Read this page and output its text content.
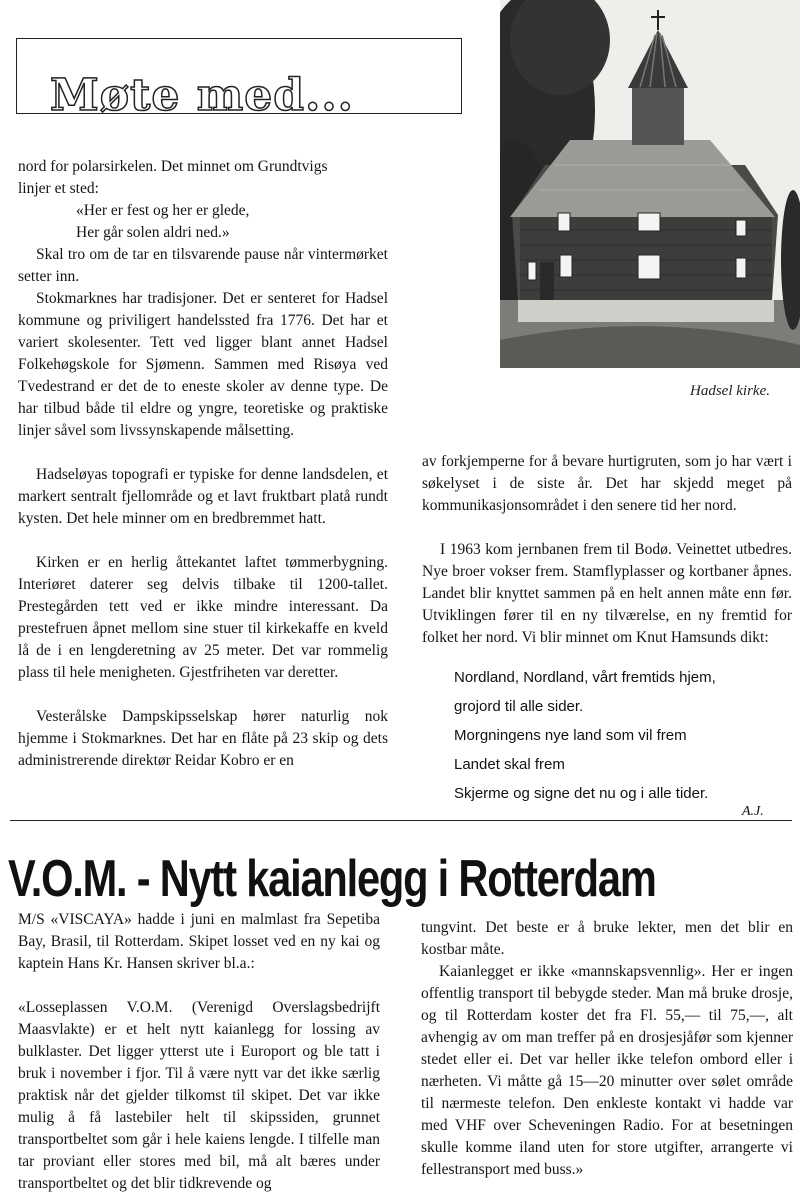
Møte med...
Hadsel kirke.

nord for polarsirkelen. Det minnet om Grundtvigs

linjer et sted:

«Her er fest og her er glede,

Her går solen aldri ned.»

Skal tro om de tar en tilsvarende pause når vintermørket setter inn.

Stokmarknes har tradisjoner. Det er senteret for Hadsel kommune og priviligert handelssted fra 1776. Det har et variert skolesenter. Tett ved ligger blant annet Hadsel Folkehøgskole for Sjømenn. Sammen med Risøya ved Tvedestrand er det de to eneste skoler av denne type. De har tilbud både til eldre og yngre, teoretiske og praktiske linjer såvel som livssynskapende målsetting.

Hadseløyas topografi er typiske for denne landsdelen, et markert sentralt fjellområde og et lavt fruktbart platå rundt kysten. Det hele minner om en bredbremmet hatt.

Kirken er en herlig åttekantet laftet tømmerbygning. Interiøret daterer seg delvis tilbake til 1200-tallet. Prestegården tett ved er ikke mindre interessant. Da prestefruen åpnet mellom sine stuer til kirkekaffe en kveld lå de i en lengderetning av 25 meter. Det var rommelig plass til hele menigheten. Gjestfriheten var deretter.

Vesterålske Dampskipsselskap hører naturlig nok hjemme i Stokmarknes. Det har en flåte på 23 skip og dets administrerende direktør Reidar Kobro er en

av forkjemperne for å bevare hurtigruten, som jo har vært i søkelyset i de siste år. Det har skjedd meget på kommunikasjonsområdet i den senere tid her nord.

I 1963 kom jernbanen frem til Bodø. Veinettet utbedres. Nye broer vokser frem. Stamflyplasser og kortbaner åpnes. Landet blir knyttet sammen på en helt annen måte enn før. Utviklingen fører til en ny tilværelse, en ny fremtid for folket her nord. Vi blir minnet om Knut Hamsunds dikt:

Nordland, Nordland, vårt fremtids hjem,
grojord til alle sider.
Morgningens nye land som vil frem
Landet skal frem
Skjerme og signe det nu og i alle tider.
A.J.
V.O.M. - Nytt kaianlegg i Rotterdam

M/S «VISCAYA» hadde i juni en malmlast fra Sepetiba Bay, Brasil, til Rotterdam. Skipet losset ved en ny kai og kaptein Hans Kr. Hansen skriver bl.a.:

«Losseplassen V.O.M. (Verenigd Overslagsbedrijft Maasvlakte) er et helt nytt kaianlegg for lossing av bulklaster. Det ligger ytterst ute i Europort og ble tatt i bruk i november i fjor. Til å være nytt var det ikke særlig praktisk når det gjelder tilkomst til skipet. Det var ikke mulig å få lastebiler helt til skipssiden, grunnet transportbeltet som går i hele kaiens lengde. I tilfelle man tar proviant eller stores med bil, må alt bæres under transportbeltet og det blir tidkrevende og

tungvint. Det beste er å bruke lekter, men det blir en kostbar måte.

Kaianlegget er ikke «mannskapsvennlig». Her er ingen offentlig transport til bebygde steder. Man må bruke drosje, og til Rotterdam koster det fra Fl. 55,— til 75,—, alt avhengig av om man treffer på en drosjesjåfør som kjenner stedet eller ei. Det var heller ikke telefon ombord eller i nærheten. Vi måtte gå 15—20 minutter over sølet område til nærmeste telefon. Den enkleste kontakt vi hadde var med VHF over Scheveningen Radio. For at besetningen skulle komme iland uten for store utgifter, arrangerte vi fellestransport med buss.»
